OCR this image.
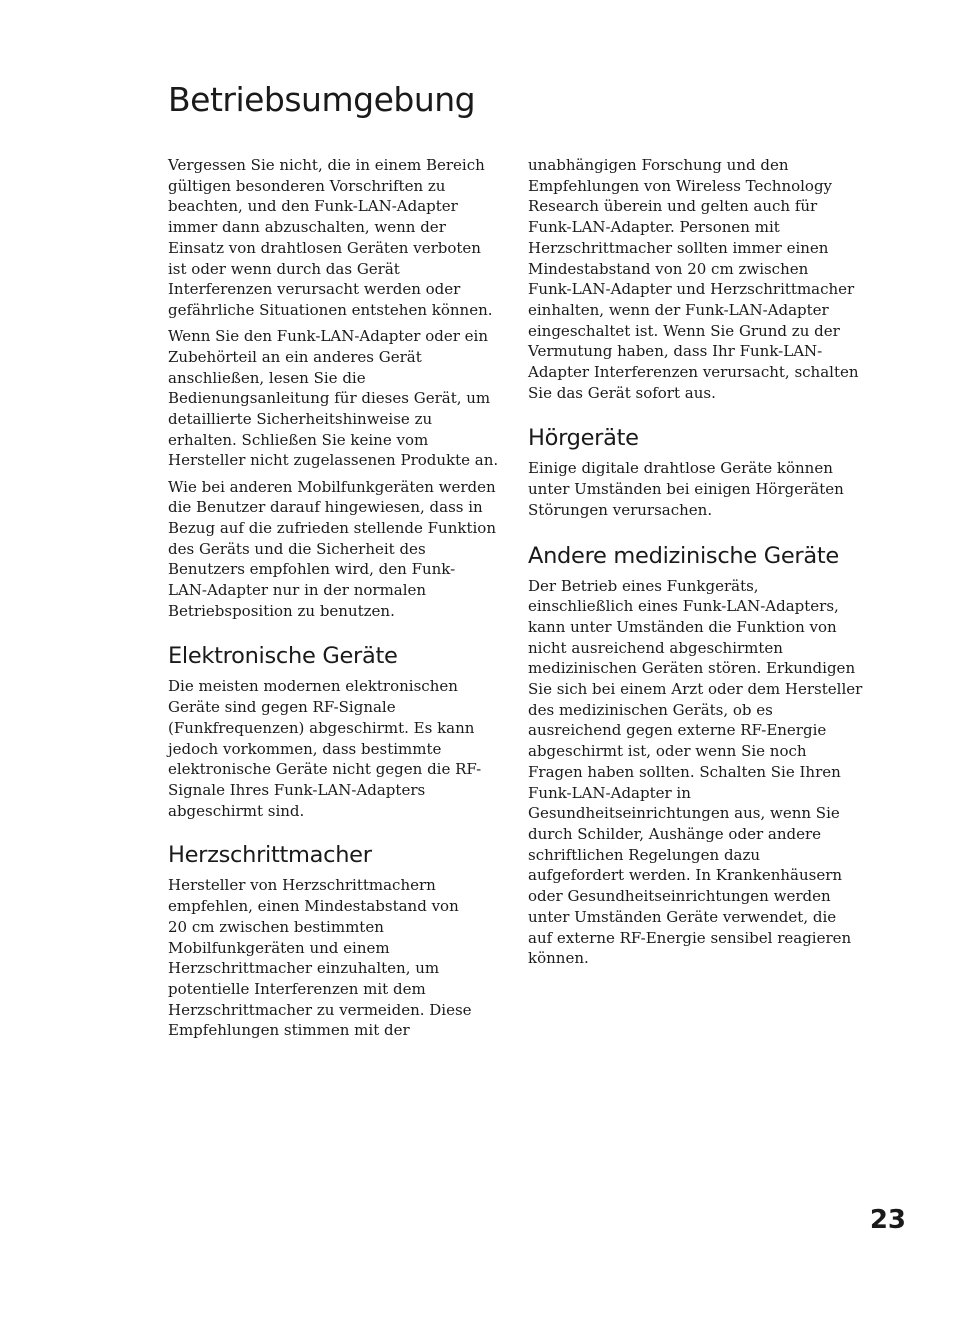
Betriebsumgebung
Vergessen Sie nicht, die in einem Bereich
gültigen besonderen Vorschriften zu
beachten, und den Funk-LAN-Adapter
immer dann abzuschalten, wenn der
Einsatz von drahtlosen Geräten verboten
ist oder wenn durch das Gerät
Interferenzen verursacht werden oder
gefährliche Situationen entstehen können.
Wenn Sie den Funk-LAN-Adapter oder ein
Zubehörteil an ein anderes Gerät
anschließen, lesen Sie die
Bedienungsanleitung für dieses Gerät, um
detaillierte Sicherheitshinweise zu
erhalten. Schließen Sie keine vom
Hersteller nicht zugelassenen Produkte an.
Wie bei anderen Mobilfunkgeräten werden
die Benutzer darauf hingewiesen, dass in
Bezug auf die zufrieden stellende Funktion
des Geräts und die Sicherheit des
Benutzers empfohlen wird, den Funk-
LAN-Adapter nur in der normalen
Betriebsposition zu benutzen.
Elektronische Geräte
Die meisten modernen elektronischen
Geräte sind gegen RF-Signale
(Funkfrequenzen) abgeschirmt. Es kann
jedoch vorkommen, dass bestimmte
elektronische Geräte nicht gegen die RF-
Signale Ihres Funk-LAN-Adapters
abgeschirmt sind.
Herzschrittmacher
Hersteller von Herzschrittmachern
empfehlen, einen Mindestabstand von
20 cm zwischen bestimmten
Mobilfunkgeräten und einem
Herzschrittmacher einzuhalten, um
potentielle Interferenzen mit dem
Herzschrittmacher zu vermeiden. Diese
Empfehlungen stimmen mit der
unabhängigen Forschung und den
Empfehlungen von Wireless Technology
Research überein und gelten auch für
Funk-LAN-Adapter. Personen mit
Herzschrittmacher sollten immer einen
Mindestabstand von 20 cm zwischen
Funk-LAN-Adapter und Herzschrittmacher
einhalten, wenn der Funk-LAN-Adapter
eingeschaltet ist. Wenn Sie Grund zu der
Vermutung haben, dass Ihr Funk-LAN-
Adapter Interferenzen verursacht, schalten
Sie das Gerät sofort aus.
Hörgeräte
Einige digitale drahtlose Geräte können
unter Umständen bei einigen Hörgeräten
Störungen verursachen.
Andere medizinische Geräte
Der Betrieb eines Funkgeräts,
einschließlich eines Funk-LAN-Adapters,
kann unter Umständen die Funktion von
nicht ausreichend abgeschirmten
medizinischen Geräten stören. Erkundigen
Sie sich bei einem Arzt oder dem Hersteller
des medizinischen Geräts, ob es
ausreichend gegen externe RF-Energie
abgeschirmt ist, oder wenn Sie noch
Fragen haben sollten. Schalten Sie Ihren
Funk-LAN-Adapter in
Gesundheitseinrichtungen aus, wenn Sie
durch Schilder, Aushänge oder andere
schriftlichen Regelungen dazu
aufgefordert werden. In Krankenhäusern
oder Gesundheitseinrichtungen werden
unter Umständen Geräte verwendet, die
auf externe RF-Energie sensibel reagieren
können.
23
